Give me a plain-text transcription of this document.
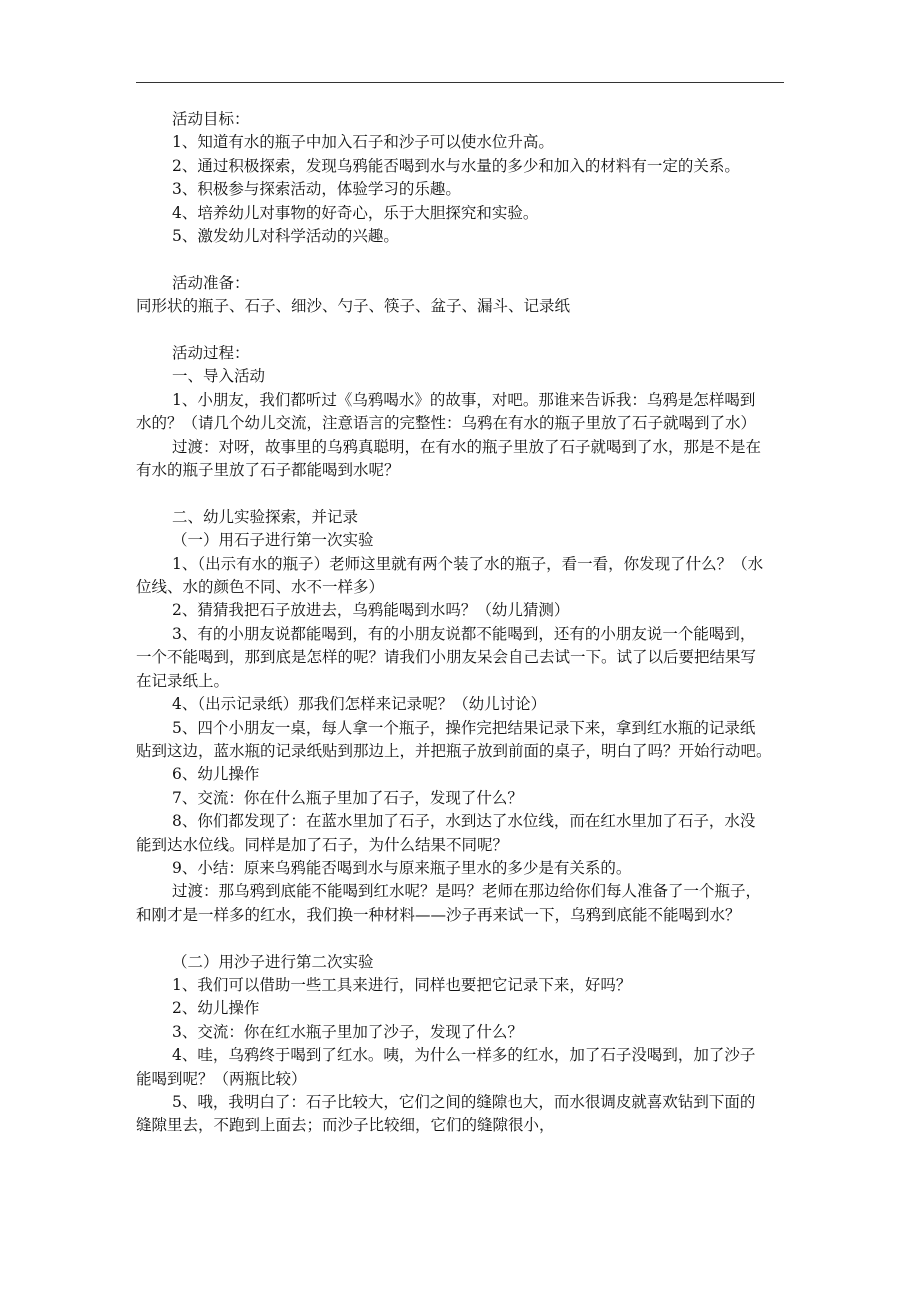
活动目标：
1、知道有水的瓶子中加入石子和沙子可以使水位升高。
2、通过积极探索，发现乌鸦能否喝到水与水量的多少和加入的材料有一定的关系。
3、积极参与探索活动，体验学习的乐趣。
4、培养幼儿对事物的好奇心，乐于大胆探究和实验。
5、激发幼儿对科学活动的兴趣。
活动准备：
同形状的瓶子、石子、细沙、勺子、筷子、盆子、漏斗、记录纸
活动过程：
一、导入活动
1、小朋友，我们都听过《乌鸦喝水》的故事，对吧。那谁来告诉我：乌鸦是怎样喝到
水的？（请几个幼儿交流，注意语言的完整性：乌鸦在有水的瓶子里放了石子就喝到了水）
过渡：对呀，故事里的乌鸦真聪明，在有水的瓶子里放了石子就喝到了水，那是不是在
有水的瓶子里放了石子都能喝到水呢？
二、幼儿实验探索，并记录
（一）用石子进行第一次实验
1、（出示有水的瓶子）老师这里就有两个装了水的瓶子，看一看，你发现了什么？（水
位线、水的颜色不同、水不一样多）
2、猜猜我把石子放进去，乌鸦能喝到水吗？（幼儿猜测）
3、有的小朋友说都能喝到，有的小朋友说都不能喝到，还有的小朋友说一个能喝到，
一个不能喝到，那到底是怎样的呢？请我们小朋友呆会自己去试一下。试了以后要把结果写
在记录纸上。
4、（出示记录纸）那我们怎样来记录呢？（幼儿讨论）
5、四个小朋友一桌，每人拿一个瓶子，操作完把结果记录下来，拿到红水瓶的记录纸
贴到这边，蓝水瓶的记录纸贴到那边上，并把瓶子放到前面的桌子，明白了吗？开始行动吧。
6、幼儿操作
7、交流：你在什么瓶子里加了石子，发现了什么？
8、你们都发现了：在蓝水里加了石子，水到达了水位线，而在红水里加了石子，水没
能到达水位线。同样是加了石子，为什么结果不同呢？
9、小结：原来乌鸦能否喝到水与原来瓶子里水的多少是有关系的。
过渡：那乌鸦到底能不能喝到红水呢？是吗？老师在那边给你们每人准备了一个瓶子，
和刚才是一样多的红水，我们换一种材料——沙子再来试一下，乌鸦到底能不能喝到水？
（二）用沙子进行第二次实验
1、我们可以借助一些工具来进行，同样也要把它记录下来，好吗？
2、幼儿操作
3、交流：你在红水瓶子里加了沙子，发现了什么？
4、哇，乌鸦终于喝到了红水。咦，为什么一样多的红水，加了石子没喝到，加了沙子
能喝到呢？（两瓶比较）
5、哦，我明白了：石子比较大，它们之间的缝隙也大，而水很调皮就喜欢钻到下面的
缝隙里去，不跑到上面去；而沙子比较细，它们的缝隙很小，
